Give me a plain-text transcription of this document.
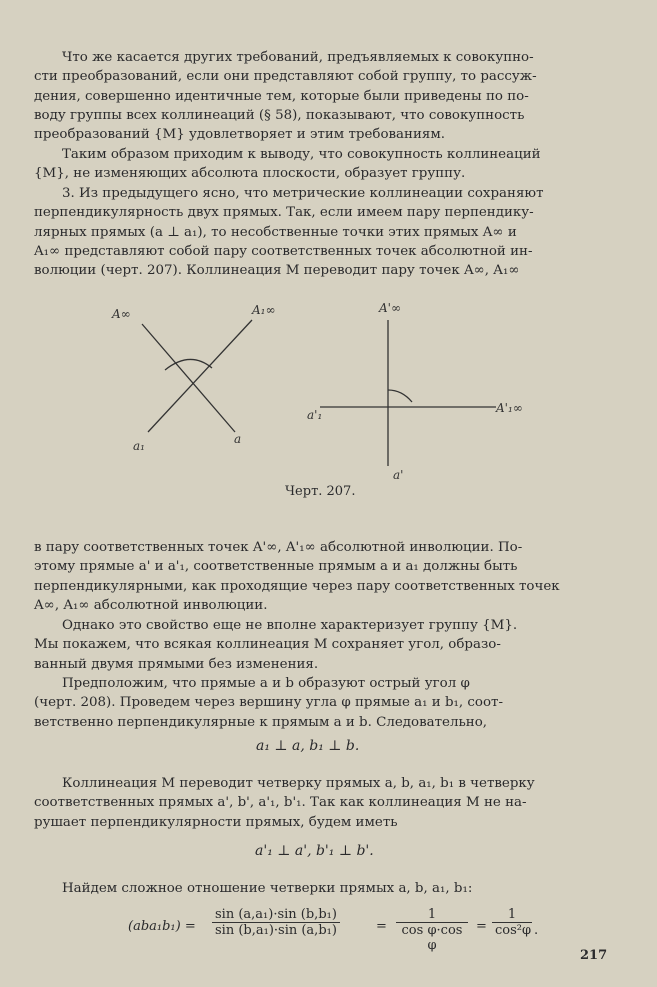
Что же касается других требований, предъявляемых к совокупно-
сти преобразований, если они представляют собой группу, то рассуж-
дения, совершенно идентичные тем, которые были приведены по по-
воду группы всех коллинеаций (§ 58), показывают, что совокупность
преобразований {M} удовлетворяет и этим требованиям.
Таким образом приходим к выводу, что совокупность коллинеаций
{M}, не изменяющих абсолюта плоскости, образует группу.
3. Из предыдущего ясно, что метрические коллинеации сохраняют
перпендикулярность двух прямых. Так, если имеем пару перпендику-
лярных прямых (a ⊥ a₁), то несобственные точки этих прямых A∞ и
A₁∞ представляют собой пару соответственных точек абсолютной ин-
волюции (черт. 207). Коллинеация M переводит пару точек A∞, A₁∞
A∞	A₁∞
a₁	a
A'∞
A'₁∞
a'₁
a'
Черт. 207.
в пару соответственных точек A'∞, A'₁∞ абсолютной инволюции. По-
этому прямые a' и a'₁, соответственные прямым a и a₁ должны быть
перпендикулярными, как проходящие через пару соответственных точек
A∞, A₁∞ абсолютной инволюции.
Однако это свойство еще не вполне характеризует группу {M}.
Мы покажем, что всякая коллинеация M сохраняет угол, образо-
ванный двумя прямыми без изменения.
Предположим, что прямые a и b образуют острый угол φ
(черт. 208). Проведем через вершину угла φ прямые a₁ и b₁, соот-
ветственно перпендикулярные к прямым a и b. Следовательно,
a₁ ⊥ a, b₁ ⊥ b.
Коллинеация M переводит четверку прямых a, b, a₁, b₁ в четверку
соответственных прямых a', b', a'₁, b'₁. Так как коллинеация M не на-
рушает перпендикулярности прямых, будем иметь
a'₁ ⊥ a', b'₁ ⊥ b'.
Найдем сложное отношение четверки прямых a, b, a₁, b₁:
$(aba_1b_1) = \frac{\text{sin (a,a₁)·sin (b,b₁)}}{\text{sin (b,a₁)·sin (a,b₁)}}$	= $\frac{1}{\text{cos φ·cos φ}} = \frac{1}{\text{cos²φ}}$ .
217
